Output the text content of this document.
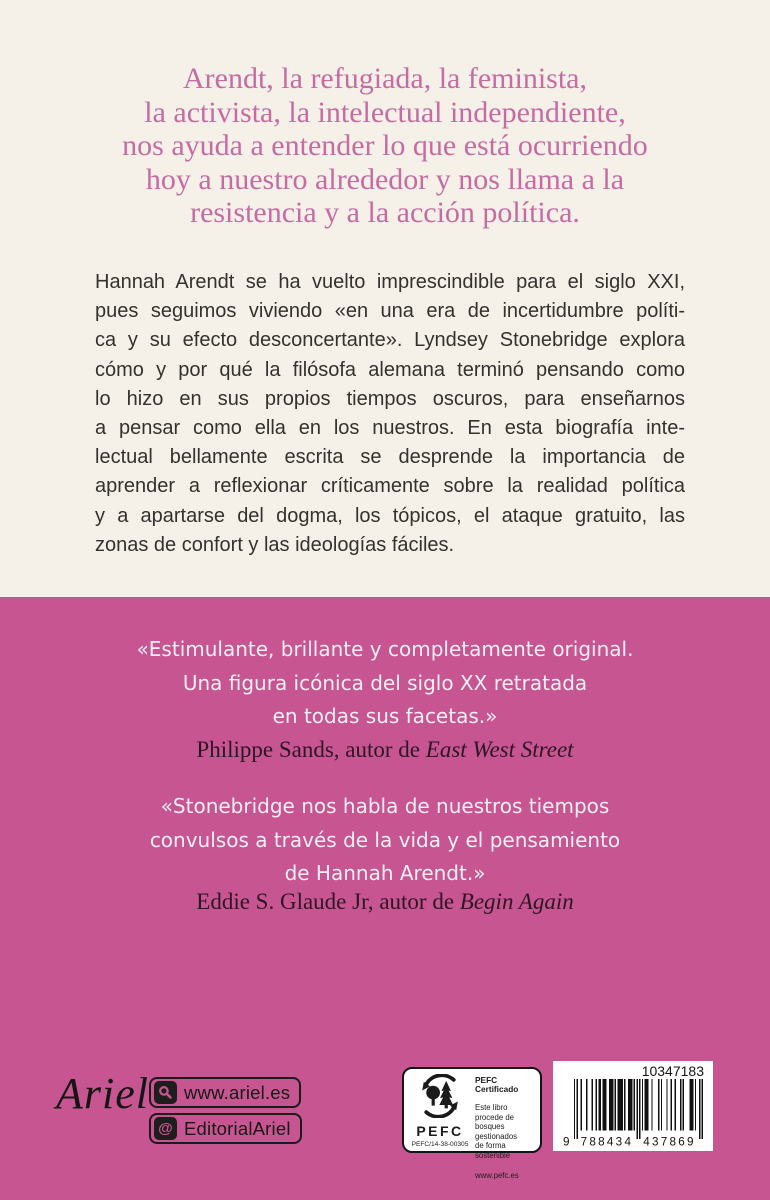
Arendt, la refugiada, la feminista,
la activista, la intelectual independiente,
nos ayuda a entender lo que está ocurriendo
hoy a nuestro alrededor y nos llama a la
resistencia y a la acción política.
Hannah Arendt se ha vuelto imprescindible para el siglo XXI,
pues seguimos viviendo «en una era de incertidumbre políti-
ca y su efecto desconcertante». Lyndsey Stonebridge explora
cómo y por qué la filósofa alemana terminó pensando como
lo hizo en sus propios tiempos oscuros, para enseñarnos
a pensar como ella en los nuestros. En esta biografía inte-
lectual bellamente escrita se desprende la importancia de
aprender a reflexionar críticamente sobre la realidad política
y a apartarse del dogma, los tópicos, el ataque gratuito, las
zonas de confort y las ideologías fáciles.
«Estimulante, brillante y completamente original.
Una figura icónica del siglo XX retratada
en todas sus facetas.»
Philippe Sands, autor de East West Street
«Stonebridge nos habla de nuestros tiempos
convulsos a través de la vida y el pensamiento
de Hannah Arendt.»
Eddie S. Glaude Jr, autor de Begin Again
Ariel www.ariel.es
@ EditorialAriel	PEFC
PEFC/14-38-00305
PEFC Certificado
Este libro procede de
bosques gestionados
de forma sostenible
www.pefc.es
10347183
9 788434 437869
